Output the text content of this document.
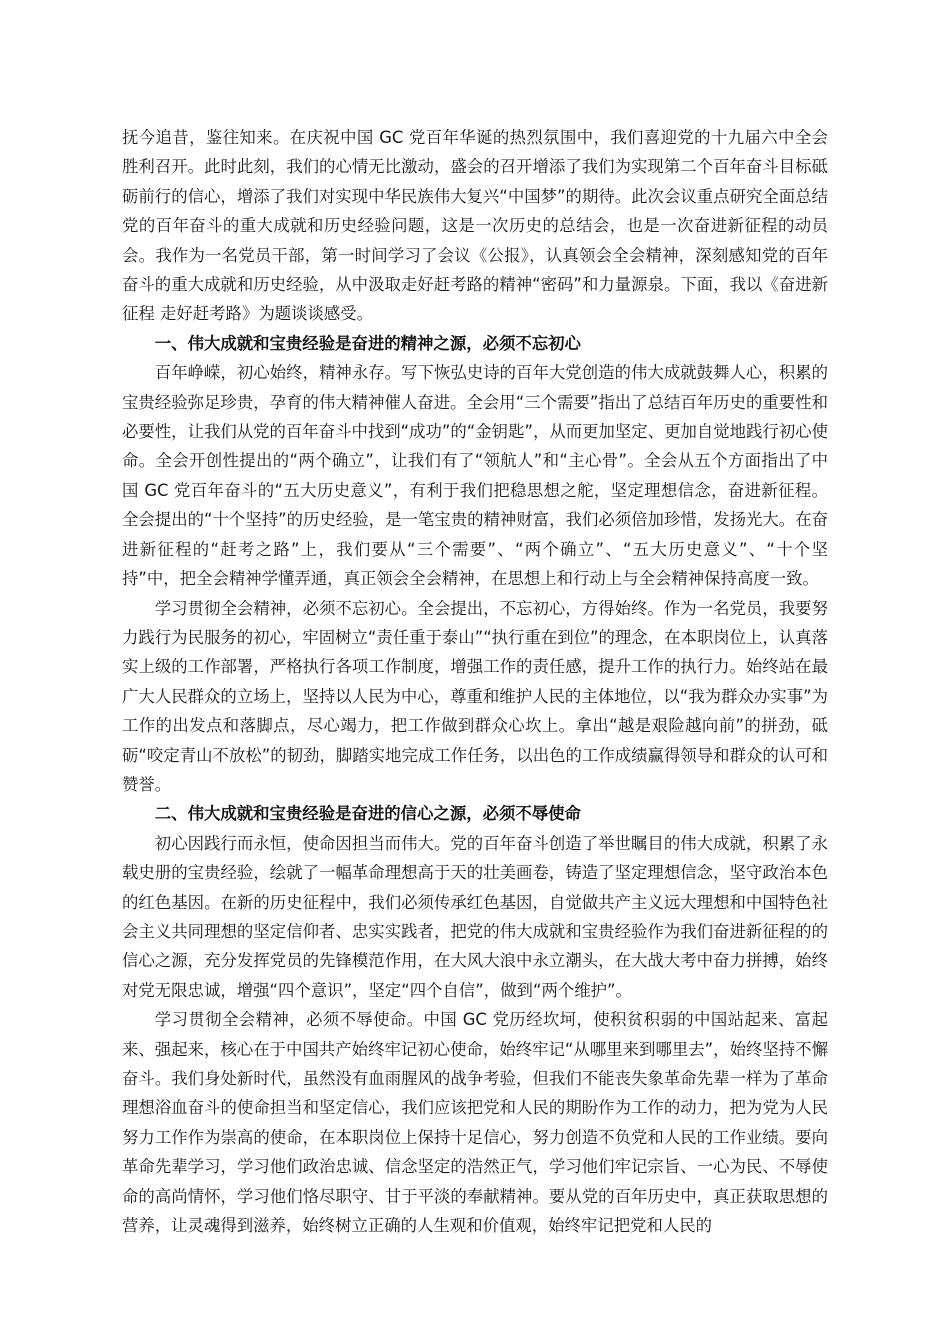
抚今追昔，鉴往知来。在庆祝中国 GC 党百年华诞的热烈氛围中，我们喜迎党的十九届六中全会胜利召开。此时此刻，我们的心情无比激动，盛会的召开增添了我们为实现第二个百年奋斗目标砥砺前行的信心，增添了我们对实现中华民族伟大复兴“中国梦”的期待。此次会议重点研究全面总结党的百年奋斗的重大成就和历史经验问题，这是一次历史的总结会，也是一次奋进新征程的动员会。我作为一名党员干部，第一时间学习了会议《公报》，认真领会全会精神，深刻感知党的百年奋斗的重大成就和历史经验，从中汲取走好赶考路的精神“密码”和力量源泉。下面，我以《奋进新征程 走好赶考路》为题谈谈感受。

一、伟大成就和宝贵经验是奋进的精神之源，必须不忘初心

百年峥嵘，初心始终，精神永存。写下恢弘史诗的百年大党创造的伟大成就鼓舞人心，积累的宝贵经验弥足珍贵，孕育的伟大精神催人奋进。全会用“三个需要”指出了总结百年历史的重要性和必要性，让我们从党的百年奋斗中找到“成功”的“金钥匙”，从而更加坚定、更加自觉地践行初心使命。全会开创性提出的“两个确立”，让我们有了“领航人”和“主心骨”。全会从五个方面指出了中国 GC 党百年奋斗的“五大历史意义”，有利于我们把稳思想之舵，坚定理想信念，奋进新征程。全会提出的“十个坚持”的历史经验，是一笔宝贵的精神财富，我们必须倍加珍惜，发扬光大。在奋进新征程的“赶考之路”上，我们要从“三个需要”、“两个确立”、“五大历史意义”、“十个坚持”中，把全会精神学懂弄通，真正领会全会精神，在思想上和行动上与全会精神保持高度一致。

学习贯彻全会精神，必须不忘初心。全会提出，不忘初心，方得始终。作为一名党员，我要努力践行为民服务的初心，牢固树立“责任重于泰山”“执行重在到位”的理念，在本职岗位上，认真落实上级的工作部署，严格执行各项工作制度，增强工作的责任感，提升工作的执行力。始终站在最广大人民群众的立场上，坚持以人民为中心，尊重和维护人民的主体地位，以“我为群众办实事”为工作的出发点和落脚点，尽心竭力，把工作做到群众心坎上。拿出“越是艰险越向前”的拼劲，砥砺“咬定青山不放松”的韧劲，脚踏实地完成工作任务，以出色的工作成绩赢得领导和群众的认可和赞誉。

二、伟大成就和宝贵经验是奋进的信心之源，必须不辱使命

初心因践行而永恒，使命因担当而伟大。党的百年奋斗创造了举世瞩目的伟大成就，积累了永载史册的宝贵经验，绘就了一幅革命理想高于天的壮美画卷，铸造了坚定理想信念，坚守政治本色的红色基因。在新的历史征程中，我们必须传承红色基因，自觉做共产主义远大理想和中国特色社会主义共同理想的坚定信仰者、忠实实践者，把党的伟大成就和宝贵经验作为我们奋进新征程的的信心之源，充分发挥党员的先锋模范作用，在大风大浪中永立潮头，在大战大考中奋力拼搏，始终对党无限忠诚，增强“四个意识”，坚定“四个自信”，做到“两个维护”。

学习贯彻全会精神，必须不辱使命。中国 GC 党历经坎坷，使积贫积弱的中国站起来、富起来、强起来，核心在于中国共产始终牢记初心使命，始终牢记“从哪里来到哪里去”，始终坚持不懈奋斗。我们身处新时代，虽然没有血雨腥风的战争考验，但我们不能丧失象革命先辈一样为了革命理想浴血奋斗的使命担当和坚定信心，我们应该把党和人民的期盼作为工作的动力，把为党为人民努力工作作为崇高的使命，在本职岗位上保持十足信心，努力创造不负党和人民的工作业绩。要向革命先辈学习，学习他们政治忠诚、信念坚定的浩然正气，学习他们牢记宗旨、一心为民、不辱使命的高尚情怀，学习他们恪尽职守、甘于平淡的奉献精神。要从党的百年历史中，真正获取思想的营养，让灵魂得到滋养，始终树立正确的人生观和价值观，始终牢记把党和人民的
